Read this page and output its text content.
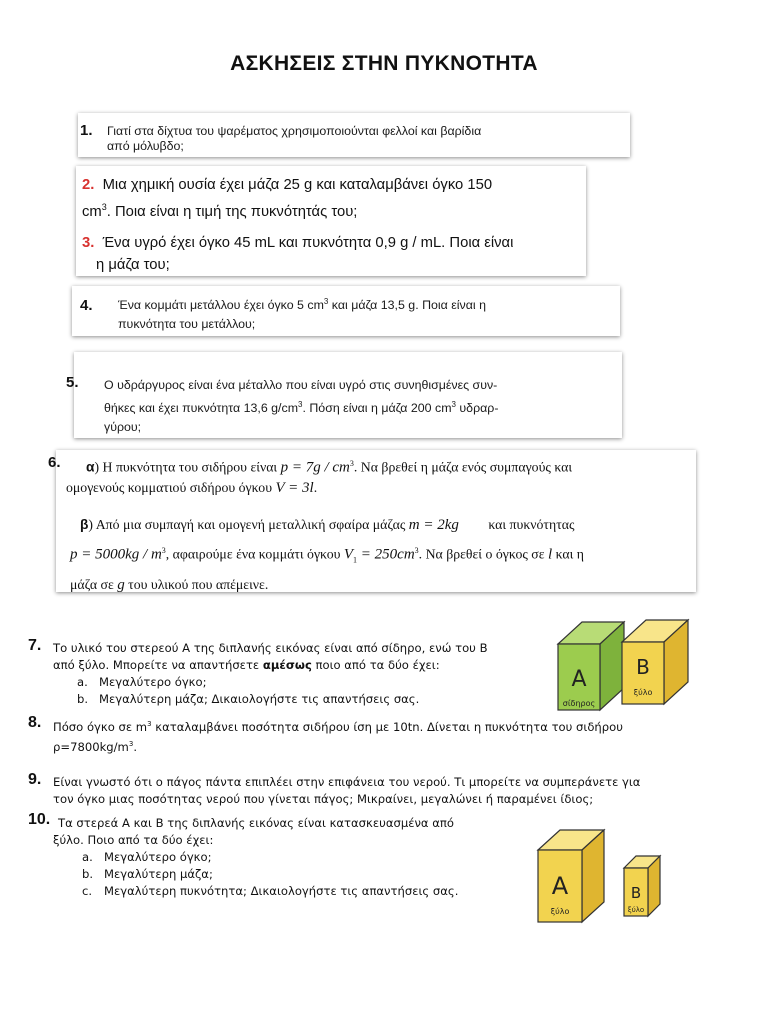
ΑΣΚΗΣΕΙΣ ΣΤΗΝ ΠΥΚΝΟΤΗΤΑ
1. Γιατί στα δίχτυα του ψαρέματος χρησιμοποιούνται φελλοί και βαρίδια
από μόλυβδο;
2. Μια χημική ουσία έχει μάζα 25 g και καταλαμβάνει όγκο 150
$cm^3$. Ποια είναι η τιμή της πυκνότητάς του;
3. Ένα υγρό έχει όγκο 45 mL και πυκνότητα 0,9 g / mL. Ποια είναι
η μάζα του;
4. Ένα κομμάτι μετάλλου έχει όγκο 5 $cm^3$ και μάζα 13,5 g. Ποια είναι η
πυκνότητα του μετάλλου;
5. Ο υδράργυρος είναι ένα μέταλλο που είναι υγρό στις συνηθισμένες συν-
θήκες και έχει πυκνότητα 13,6 $g/cm^3$. Πόση είναι η μάζα 200 $cm^3$ υδραρ-
γύρου;
6. α) Η πυκνότητα του σιδήρου είναι $p = 7g / cm^3$. Να βρεθεί η μάζα ενός συμπαγούς και
ομογενούς κομματιού σιδήρου όγκου V = 3l.
β) Από μια συμπαγή και ομογενή μεταλλική σφαίρα μάζας m = 2kg και πυκνότητας
$p = 5000kg / m^3$, αφαιρούμε ένα κομμάτι όγκου $V_1 = 250cm^3$. Να βρεθεί ο όγκος σε l και η
μάζα σε g του υλικού που απέμεινε.
7. Το υλικό του στερεού Α της διπλανής εικόνας είναι από σίδηρο, ενώ του Β
από ξύλο. Μπορείτε να απαντήσετε αμέσως ποιο από τα δύο έχει:
a. Μεγαλύτερο όγκο;
b. Μεγαλύτερη μάζα; Δικαιολογήστε τις απαντήσεις σας.
A
σίδηρος
B
ξύλο
8. Πόσο όγκο σε $m^3$ καταλαμβάνει ποσότητα σιδήρου ίση με 10tn. Δίνεται η πυκνότητα του σιδήρου
$\rho=7800kg/m^3$.
9. Είναι γνωστό ότι ο πάγος πάντα επιπλέει στην επιφάνεια του νερού. Τι μπορείτε να συμπεράνετε για
τον όγκο μιας ποσότητας νερού που γίνεται πάγος; Μικραίνει, μεγαλώνει ή παραμένει ίδιος;
10. Τα στερεά Α και Β της διπλανής εικόνας είναι κατασκευασμένα από
ξύλο. Ποιο από τα δύο έχει:
a. Μεγαλύτερο όγκο;
b. Μεγαλύτερη μάζα;
c. Μεγαλύτερη πυκνότητα; Δικαιολογήστε τις απαντήσεις σας.	A
ξύλο
B
ξύλο
